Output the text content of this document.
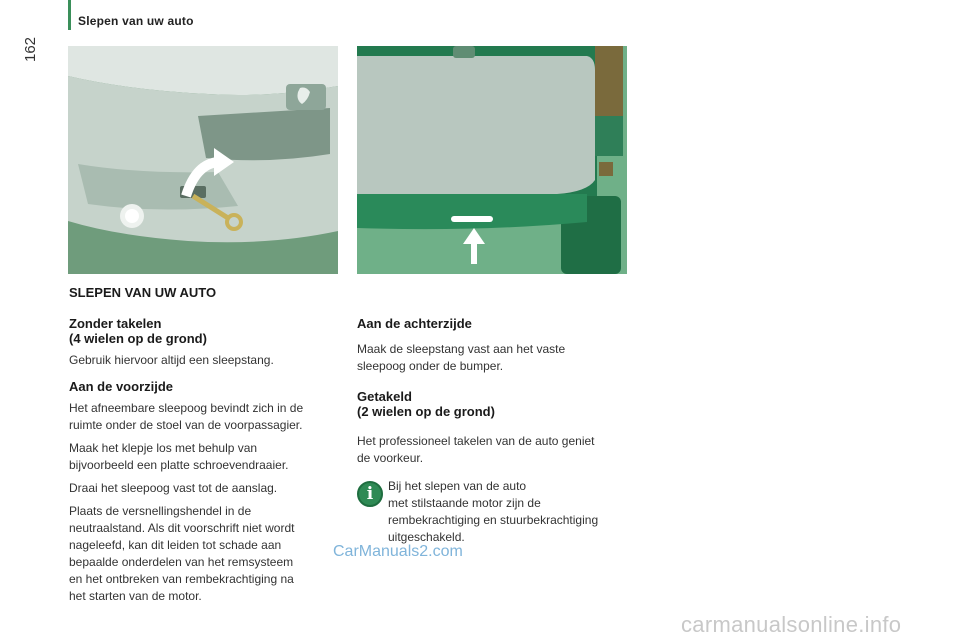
Slepen van uw auto
162
SLEPEN VAN UW AUTO
Zonder takelen
(4 wielen op de grond)

Gebruik hiervoor altijd een sleepstang.

Aan de voorzijde

Het afneembare sleepoog bevindt zich in de
ruimte onder de stoel van de voorpassagier.

Maak het klepje los met behulp van
bijvoorbeeld een platte schroevendraaier.

Draai het sleepoog vast tot de aanslag.

Plaats de versnellingshendel in de
neutraalstand. Als dit voorschrift niet wordt
nageleefd, kan dit leiden tot schade aan
bepaalde onderdelen van het remsysteem
en het ontbreken van rembekrachtiging na
het starten van de motor.

Aan de achterzijde

Maak de sleepstang vast aan het vaste
sleepoog onder de bumper.

Getakeld
(2 wielen op de grond)

Het professioneel takelen van de auto geniet
de voorkeur.

i	Bij het slepen van de auto
met stilstaande motor zijn de
rembekrachtiging en stuurbekrachtiging
uitgeschakeld.
CarManuals2.com
carmanualsonline.info
